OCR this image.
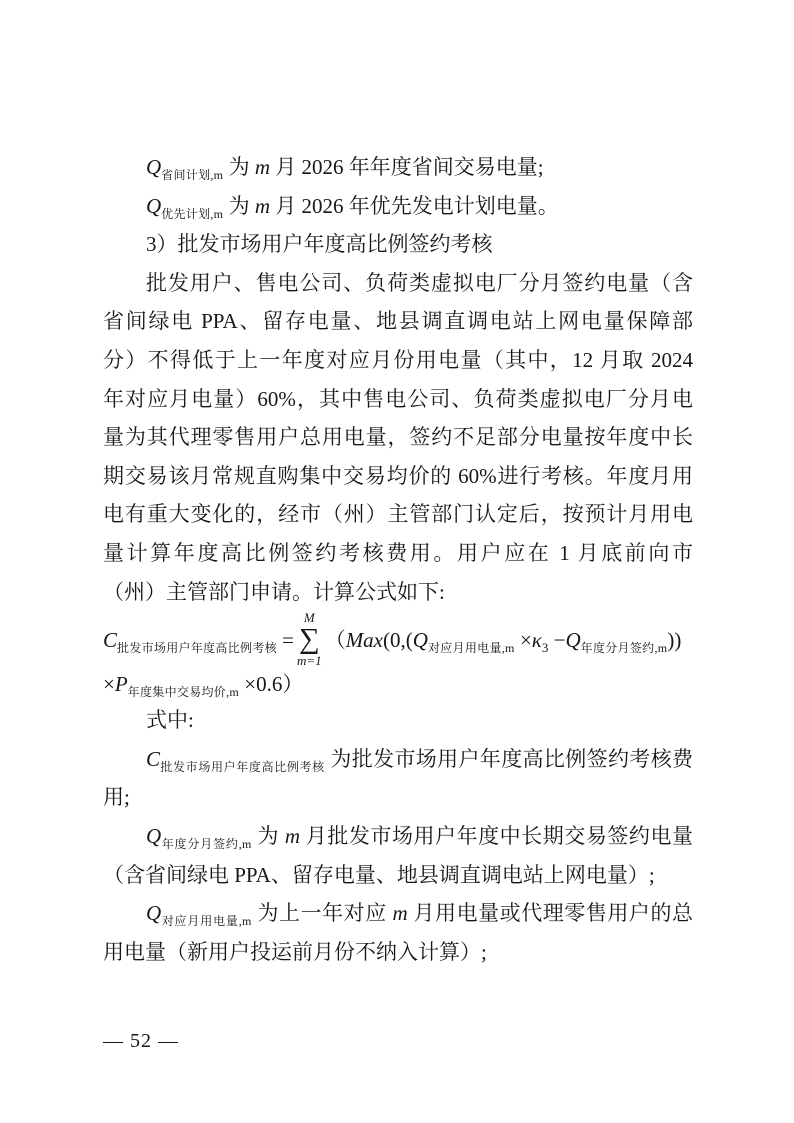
$Q_{省间计划,m}$ 为 m 月 2026 年年度省间交易电量;
$Q_{优先计划,m}$ 为 m 月 2026 年优先发电计划电量。
3）批发市场用户年度高比例签约考核
批发用户、售电公司、负荷类虚拟电厂分月签约电量（含
省间绿电 PPA、留存电量、地县调直调电站上网电量保障部
分）不得低于上一年度对应月份用电量（其中，12 月取 2024
年对应月电量）60%，其中售电公司、负荷类虚拟电厂分月电
量为其代理零售用户总用电量，签约不足部分电量按年度中长
期交易该月常规直购集中交易均价的 60%进行考核。年度月用
电有重大变化的，经市（州）主管部门认定后，按预计月用电
量计算年度高比例签约考核费用。用户应在 1 月底前向市
（州）主管部门申请。计算公式如下:
$C_{批发市场用户年度高比例考核}$ =
M
∑
m=1
（$Max(0,(Q_{对应月用电量,m} \times\kappa_3 -Q_{年度分月签约,m}))$
$\times P_{年度集中交易均价,m} \times 0.6$）
式中:
$C_{批发市场用户年度高比例考核}$ 为批发市场用户年度高比例签约考核费
用;
$Q_{年度分月签约,m}$ 为 m 月批发市场用户年度中长期交易签约电量
（含省间绿电 PPA、留存电量、地县调直调电站上网电量）;
$Q_{对应月用电量,m}$ 为上一年对应 m 月用电量或代理零售用户的总
用电量（新用户投运前月份不纳入计算）;
— 52 —
